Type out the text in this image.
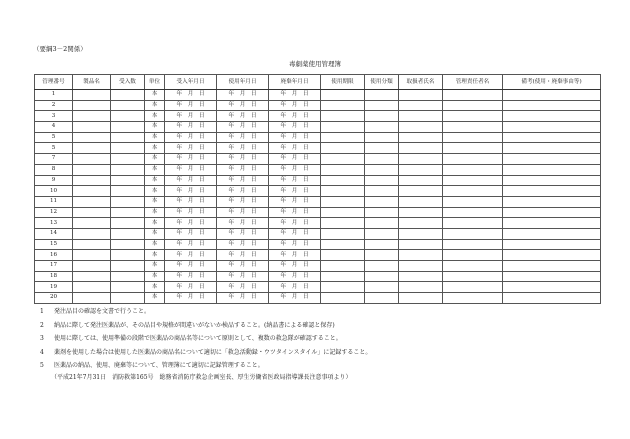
（要綱3－2関係）
毒劇薬使用管理簿
管理番号	製品名	受入数	単位	受入年月日	使用年月日	廃棄年月日	使用期限	使用分類	取扱者氏名	管理責任者名	備考(使用・廃棄事由等)
1			本	年　月　日	年　月　日	年　月　日					
2			本	年　月　日	年　月　日	年　月　日					
3			本	年　月　日	年　月　日	年　月　日					
4			本	年　月　日	年　月　日	年　月　日					
5			本	年　月　日	年　月　日	年　月　日					
5			本	年　月　日	年　月　日	年　月　日					
7			本	年　月　日	年　月　日	年　月　日					
8			本	年　月　日	年　月　日	年　月　日					
9			本	年　月　日	年　月　日	年　月　日					
10			本	年　月　日	年　月　日	年　月　日					
11			本	年　月　日	年　月　日	年　月　日					
12			本	年　月　日	年　月　日	年　月　日					
13			本	年　月　日	年　月　日	年　月　日					
14			本	年　月　日	年　月　日	年　月　日					
15			本	年　月　日	年　月　日	年　月　日					
16			本	年　月　日	年　月　日	年　月　日					
17			本	年　月　日	年　月　日	年　月　日					
18			本	年　月　日	年　月　日	年　月　日					
19			本	年　月　日	年　月　日	年　月　日					
20			本	年　月　日	年　月　日	年　月　日					
1 発注品目の確認を文書で行うこと。
2 納品に際して発注医薬品が、その品目や規格が間違いがないか検品すること。(納品書による確認と保存)
3 使用に際しては、使用準備の段階で医薬品の商品名等について原則として、複数の救急隊が確認すること。
4 薬剤を使用した場合は使用した医薬品の商品名について適切に「救急活動録・ウツタインスタイル」に記録すること。
5 医薬品の納品、使用、廃棄等について、管理簿にて適切に記録管理すること。
（平成21年7月31日　消防救第165号　総務省消防庁救急企画室長、厚生労働省医政局指導課長注意事項より）
